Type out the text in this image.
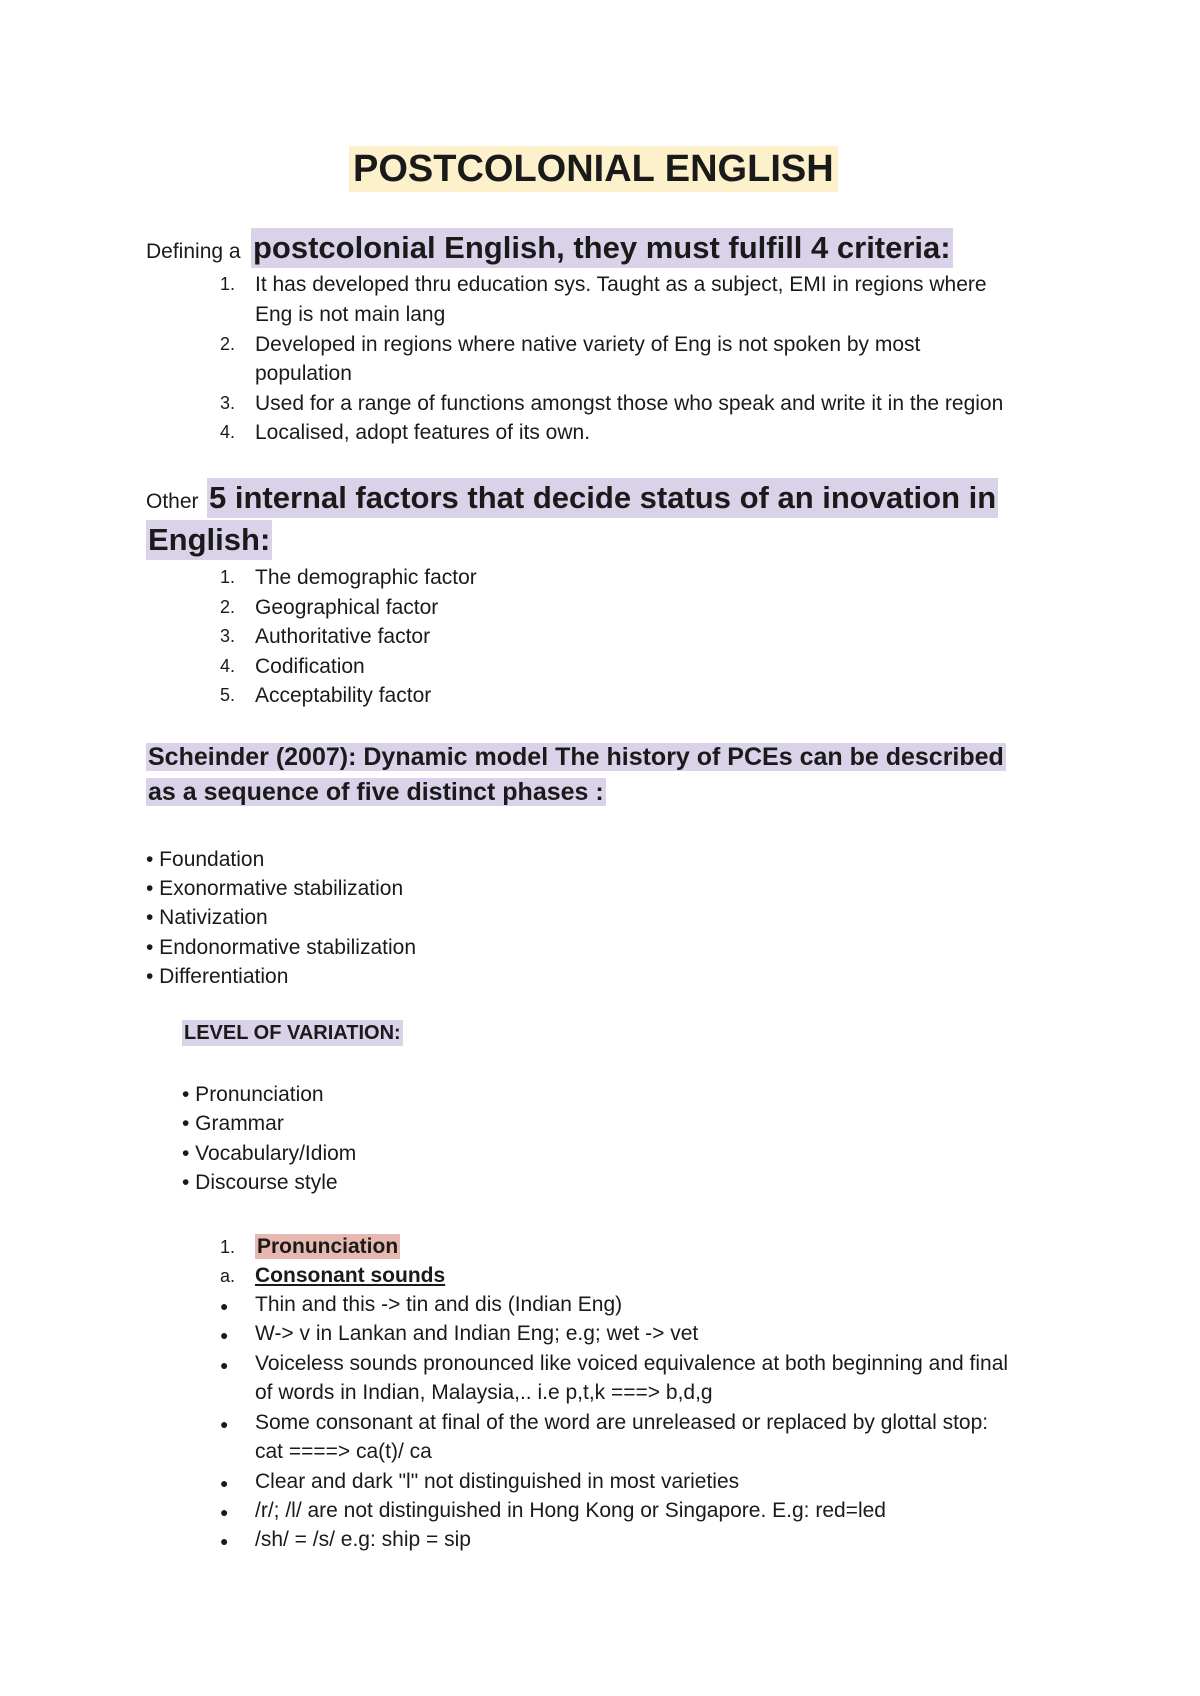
POSTCOLONIAL ENGLISH
Defining a postcolonial English, they must fulfill 4 criteria:
1. It has developed thru education sys. Taught as a subject, EMI in regions where
Eng is not main lang
2. Developed in regions where native variety of Eng is not spoken by most
population
3. Used for a range of functions amongst those who speak and write it in the region
4. Localised, adopt features of its own.
Other 5 internal factors that decide status of an inovation in
English:
1. The demographic factor
2. Geographical factor
3. Authoritative factor
4. Codification
5. Acceptability factor
Scheinder (2007): Dynamic model The history of PCEs can be described
as a sequence of five distinct phases :
• Foundation
• Exonormative stabilization
• Nativization
• Endonormative stabilization
• Differentiation
LEVEL OF VARIATION:
• Pronunciation
• Grammar
• Vocabulary/Idiom
• Discourse style
1. Pronunciation
a. Consonant sounds
● Thin and this -> tin and dis (Indian Eng)
● W-> v in Lankan and Indian Eng; e.g; wet -> vet
● Voiceless sounds pronounced like voiced equivalence at both beginning and final
of words in Indian, Malaysia,.. i.e p,t,k ===> b,d,g
● Some consonant at final of the word are unreleased or replaced by glottal stop:
cat ====> ca(t)/ ca
● Clear and dark "l" not distinguished in most varieties
● /r/; /l/ are not distinguished in Hong Kong or Singapore. E.g: red=led
● /sh/ = /s/ e.g: ship = sip
